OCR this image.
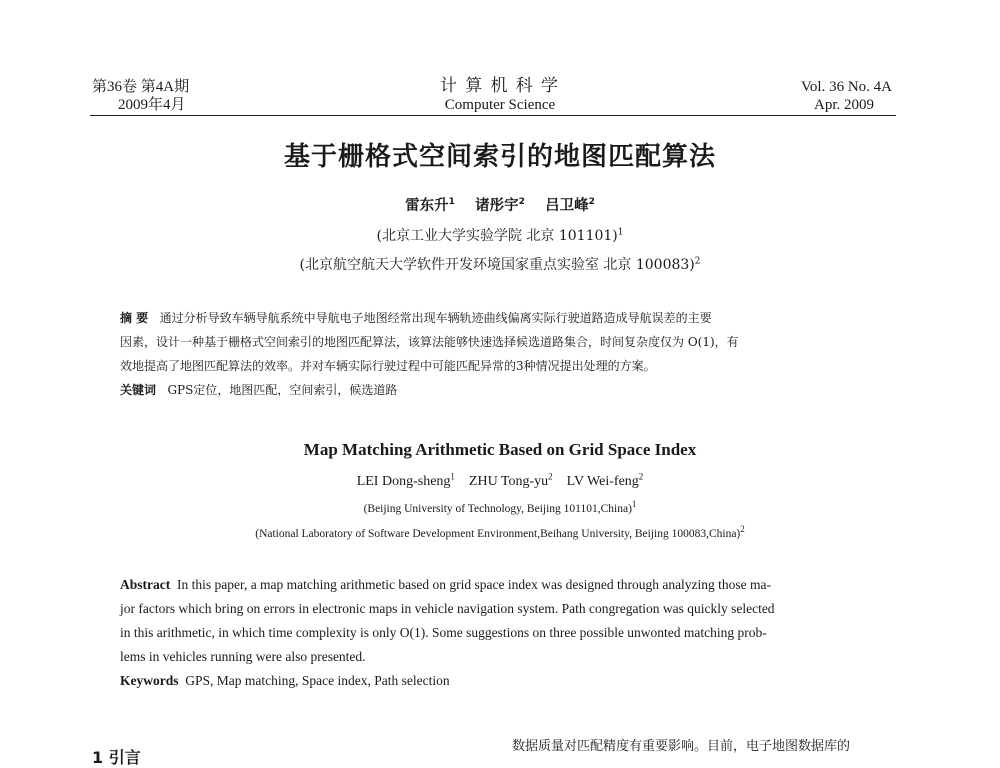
第36卷 第4A期
2009年4月
计 算 机 科 学
Computer Science
Vol. 36 No. 4A
Apr. 2009
基于栅格式空间索引的地图匹配算法
雷东升$^1$ 诸彤宇$^2$ 吕卫峰$^2$
(北京工业大学实验学院 北京 101101)$^1$
(北京航空航天大学软件开发环境国家重点实验室 北京 100083)$^2$
摘 要 通过分析导致车辆导航系统中导航电子地图经常出现车辆轨迹曲线偏离实际行驶道路造成导航误差的主要
因素，设计一种基于栅格式空间索引的地图匹配算法，该算法能够快速选择候选道路集合，时间复杂度仅为 O(1)，有
效地提高了地图匹配算法的效率。并对车辆实际行驶过程中可能匹配异常的3种情况提出处理的方案。
关键词 GPS定位，地图匹配，空间索引，候选道路
Map Matching Arithmetic Based on Grid Space Index
LEI Dong-sheng$^1$ ZHU Tong-$yu^2$ LV Wei-feng$^2$
(Beijing University of Technology, Beijing 101101,China)$^1$
(National Laboratory of Software Development Environment,Beihang University, Beijing 100083,China)$^2$
Abstract In this paper, a map matching arithmetic based on grid space index was designed through analyzing those ma-
jor factors which bring on errors in electronic maps in vehicle navigation system. Path congregation was quickly selected
in this arithmetic, in which time complexity is only O(1). Some suggestions on three possible unwonted matching prob-
lems in vehicles running were also presented.
Keywords GPS, Map matching, Space index, Path selection
1 引言
数据质量对匹配精度有重要影响。目前，电子地图数据库的
